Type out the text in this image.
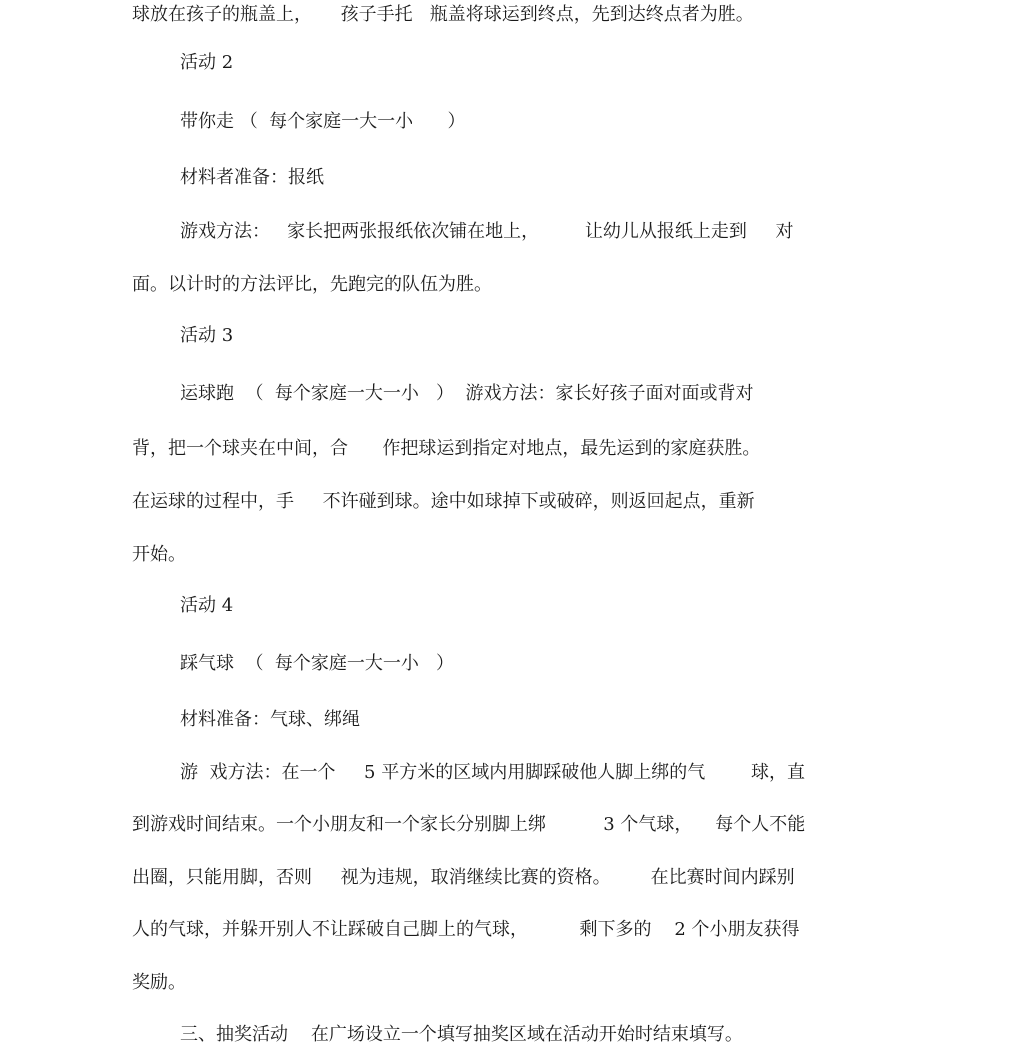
球放在孩子的瓶盖上，     孩子手托   瓶盖将球运到终点，先到达终点者为胜。

活动 2

带你走 （  每个家庭一大一小      ）

材料者准备：报纸

游戏方法：   家长把两张报纸依次铺在地上，        让幼儿从报纸上走到     对

面。以计时的方法评比，先跑完的队伍为胜。

活动 3

运球跑  （  每个家庭一大一小   ）  游戏方法：家长好孩子面对面或背对

背，把一个球夹在中间，合      作把球运到指定对地点，最先运到的家庭获胜。

在运球的过程中，手     不许碰到球。途中如球掉下或破碎，则返回起点，重新

开始。

活动 4

踩气球  （  每个家庭一大一小   ）

材料准备：气球、绑绳

游  戏方法：在一个     5 平方米的区域内用脚踩破他人脚上绑的气        球，直

到游戏时间结束。一个小朋友和一个家长分别脚上绑          3 个气球，    每个人不能

出圈，只能用脚，否则     视为违规，取消继续比赛的资格。       在比赛时间内踩别

人的气球，并躲开别人不让踩破自己脚上的气球，         剩下多的    2 个小朋友获得

奖励。

三、抽奖活动    在广场设立一个填写抽奖区域在活动开始时结束填写。
